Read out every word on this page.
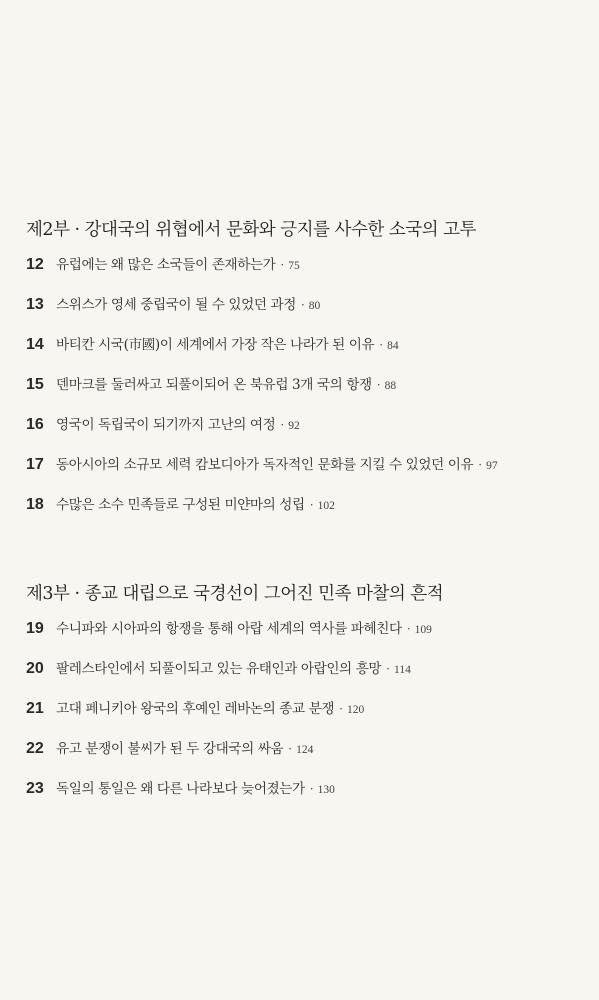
제2부 · 강대국의 위협에서 문화와 긍지를 사수한 소국의 고투
12 유럽에는 왜 많은 소국들이 존재하는가 · 75
13 스위스가 영세 중립국이 될 수 있었던 과정 · 80
14 바티칸 시국(市國)이 세계에서 가장 작은 나라가 된 이유 · 84
15 덴마크를 둘러싸고 되풀이되어 온 북유럽 3개 국의 항쟁 · 88
16 영국이 독립국이 되기까지 고난의 여정 · 92
17 동아시아의 소규모 세력 캄보디아가 독자적인 문화를 지킬 수 있었던 이유 · 97
18 수많은 소수 민족들로 구성된 미얀마의 성립 · 102
제3부 · 종교 대립으로 국경선이 그어진 민족 마찰의 흔적
19 수니파와 시아파의 항쟁을 통해 아랍 세계의 역사를 파헤친다 · 109
20 팔레스타인에서 되풀이되고 있는 유태인과 아랍인의 흥망 · 114
21 고대 페니키아 왕국의 후예인 레바논의 종교 분쟁 · 120
22 유고 분쟁이 불씨가 된 두 강대국의 싸움 · 124
23 독일의 통일은 왜 다른 나라보다 늦어졌는가 · 130
